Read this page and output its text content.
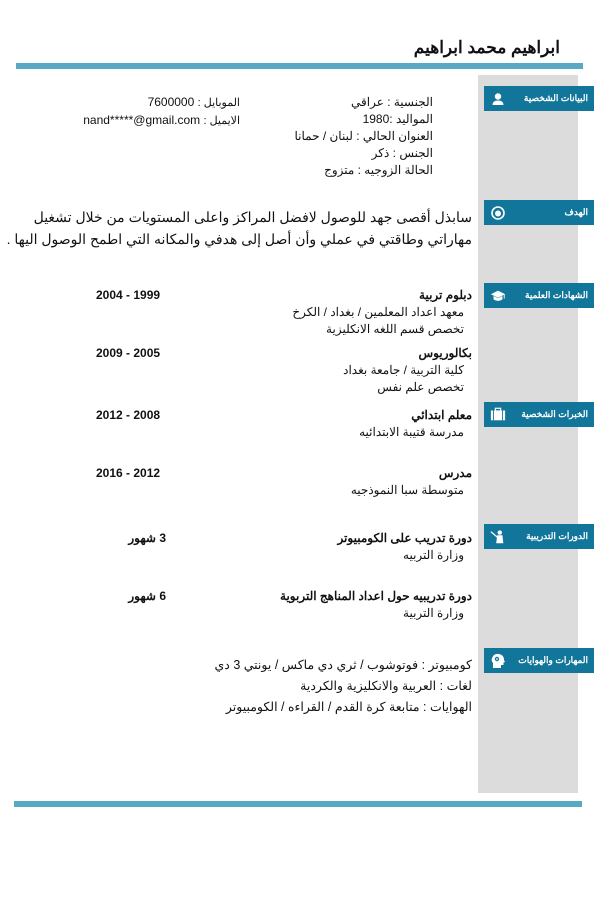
ابراهيم محمد ابراهيم
البيانات الشخصية
الهدف
الشهادات العلمية
الخبرات الشخصية
الدورات التدريبية
المهارات والهوايات
الجنسية : عراقي
المواليد :1980
العنوان الحالي : لبنان / حمانا
الجنس : ذكر
الحالة الزوجيه : متزوج
الموبايل : 7600000
الايميل : nand*****@gmail.com
سابذل أقصى جهد للوصول لافضل المراكز واعلى المستويات من خلال تشغيل
مهاراتي وطاقتي في عملي وأن أصل إلى هدفي والمكانه التي اطمح الوصول اليها .
دبلوم تربية
معهد اعداد المعلمين / بغداد / الكرخ
تخصص قسم اللغه الانكليزية
2004 - 1999
بكالوريوس
كلية التربية / جامعة بغداد
تخصص علم نفس
2009 - 2005
معلم ابتدائي
مدرسة قتيبة الابتدائيه
2012 - 2008
مدرس
متوسطة سبا النموذجيه
2016 - 2012
دورة تدريب على الكومبيوتر
وزارة التربيه
3 شهور
دورة تدريبيه حول اعداد المناهج التربوية
وزارة التربية
6 شهور
كومبيوتر : فوتوشوب / ثري دي ماكس / يونتي 3 دي
لغات : العربية والانكليزية والكردية
الهوايات : متابعة كرة القدم / القراءه / الكومبيوتر
